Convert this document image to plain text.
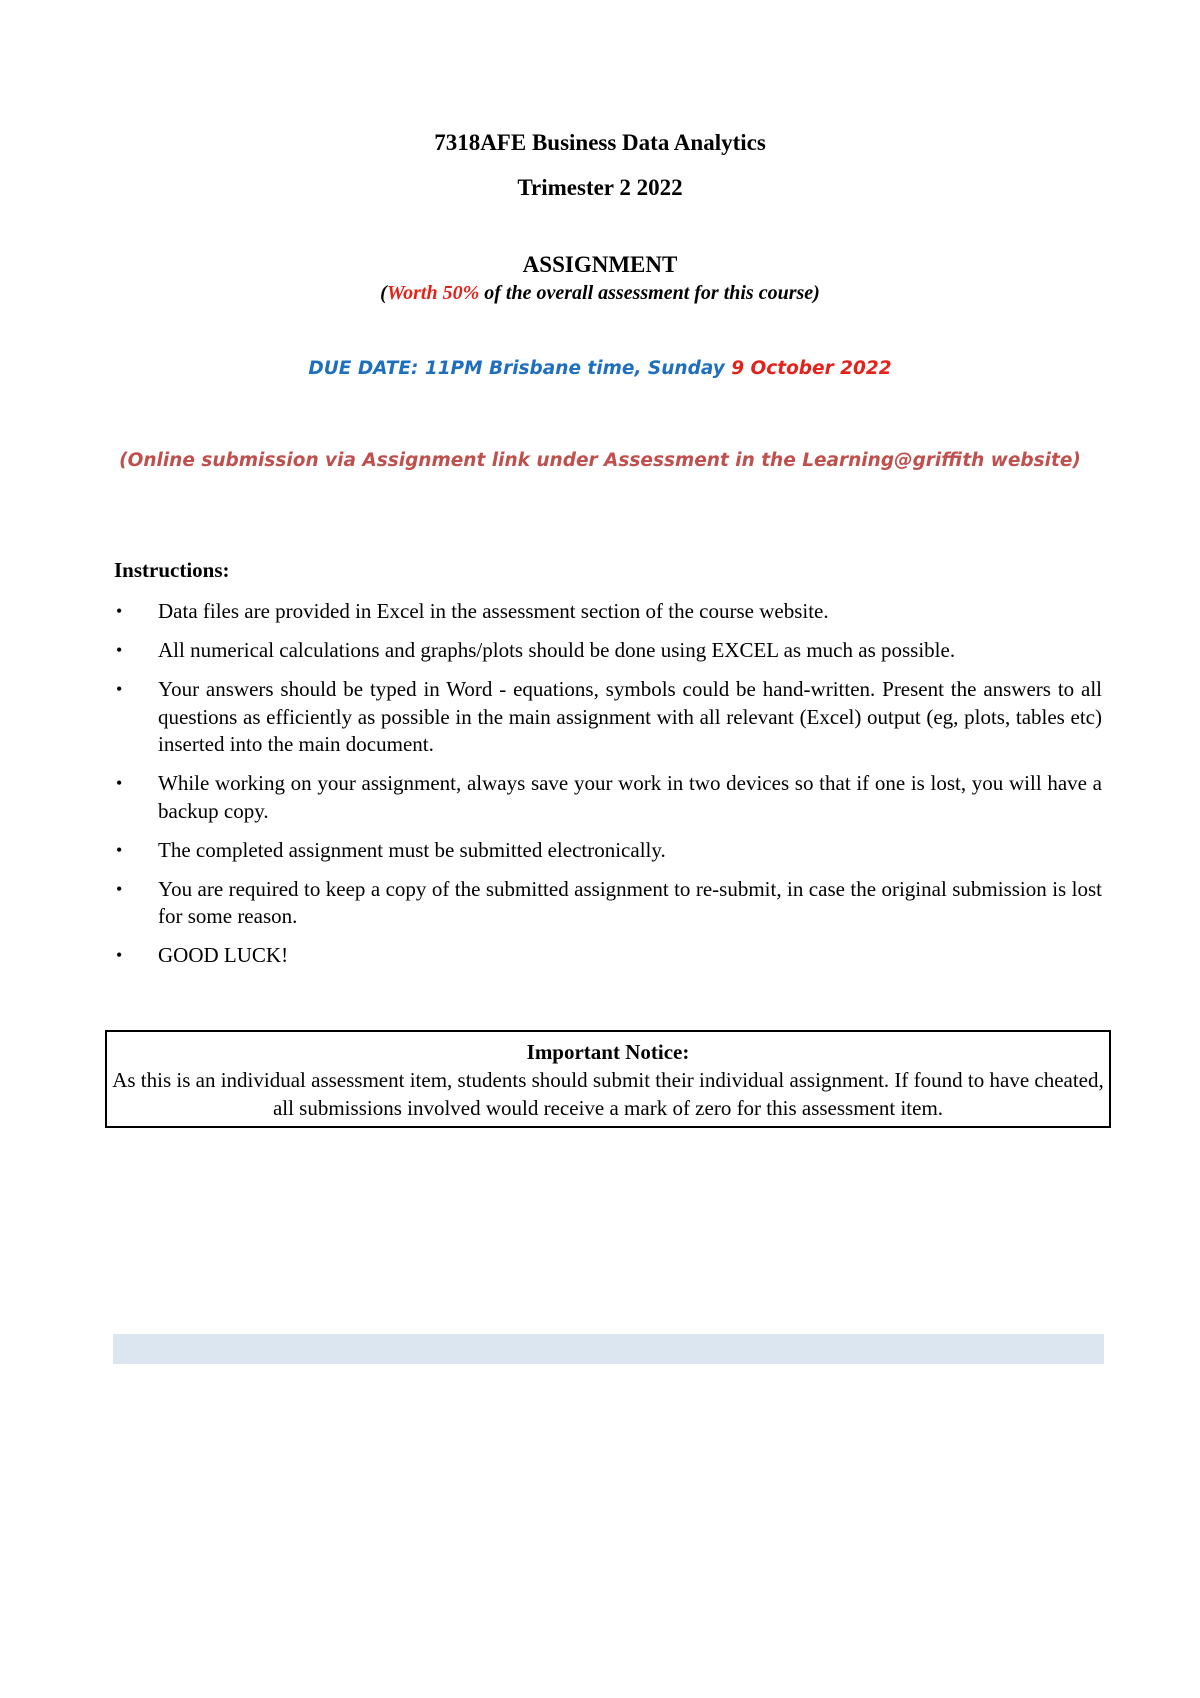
7318AFE Business Data Analytics
Trimester 2 2022
ASSIGNMENT
(Worth 50% of the overall assessment for this course)
DUE DATE: 11PM Brisbane time, Sunday 9 October 2022
(Online submission via Assignment link under Assessment in the Learning@griffith website)
Instructions:
• Data files are provided in Excel in the assessment section of the course website.
• All numerical calculations and graphs/plots should be done using EXCEL as much as possible.
• Your answers should be typed in Word - equations, symbols could be hand-written. Present the answers to all questions as efficiently as possible in the main assignment with all relevant (Excel) output (eg, plots, tables etc) inserted into the main document.
• While working on your assignment, always save your work in two devices so that if one is lost, you will have a backup copy.
• The completed assignment must be submitted electronically.
• You are required to keep a copy of the submitted assignment to re-submit, in case the original submission is lost for some reason.
• GOOD LUCK!
Important Notice:
As this is an individual assessment item, students should submit their individual assignment. If found to have cheated, all submissions involved would receive a mark of zero for this assessment item.
